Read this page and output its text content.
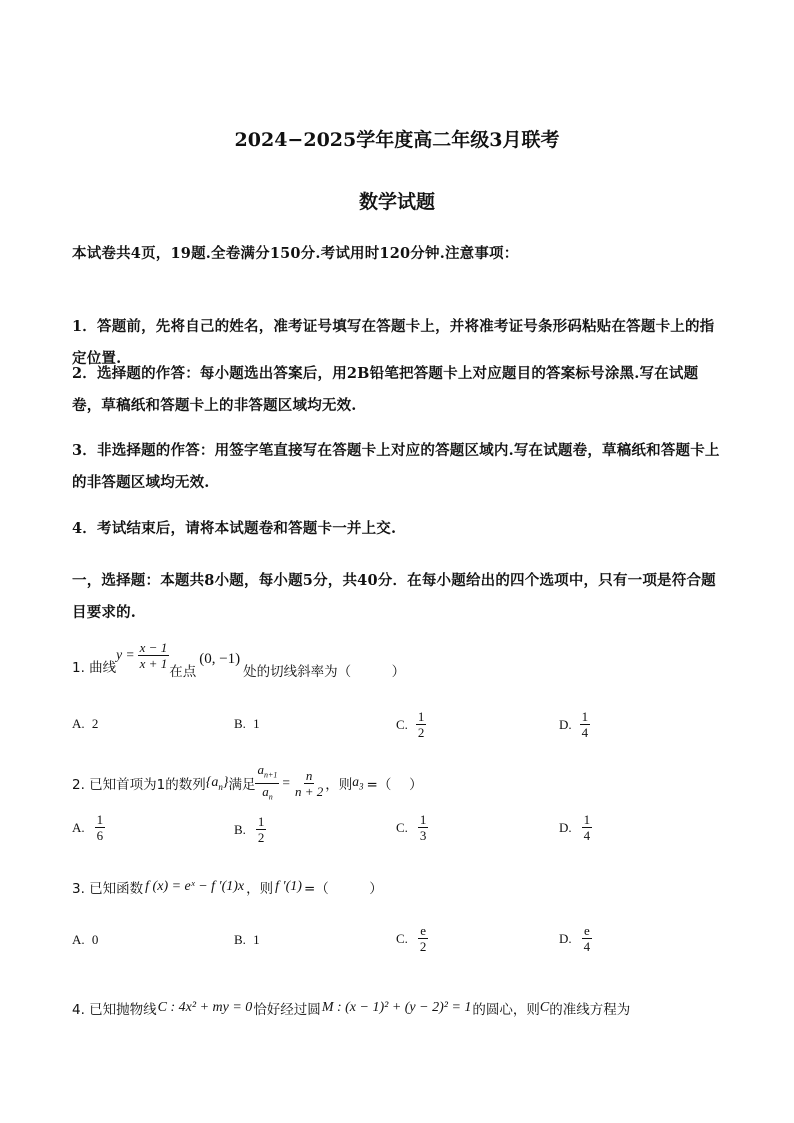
2024−2025学年度高二年级3月联考
数学试题
本试卷共4页，19题.全卷满分150分.考试用时120分钟.注意事项：
1．答题前，先将自己的姓名，准考证号填写在答题卡上，并将准考证号条形码粘贴在答题卡上的指定位置.
2．选择题的作答：每小题选出答案后，用2B铅笔把答题卡上对应题目的答案标号涂黑.写在试题卷，草稿纸和答题卡上的非答题区域均无效.
3．非选择题的作答：用签字笔直接写在答题卡上对应的答题区域内.写在试题卷，草稿纸和答题卡上的非答题区域均无效.
4．考试结束后，请将本试题卷和答题卡一并上交.
一，选择题：本题共8小题，每小题5分，共40分．在每小题给出的四个选项中，只有一项是符合题目要求的.
1. 曲线
$y = \frac{x - 1}{x + 1}$
在点
(0, −1)
处的切线斜率为（　　　）
A. 2	B. 1	C. $\frac{1}{2}$	D. $\frac{1}{4}$
2. 已知首项为1的数列 $\{a_n\}$ 满足 $\frac{a_{n+1}}{a_n} = \frac{n}{n + 2}$ ，则 $a_3$ =（　 ）
A. $\frac{1}{6}$	B. $\frac{1}{2}$	C. $\frac{1}{3}$	D. $\frac{1}{4}$
3. 已知函数 f (x) = eˣ − f ′(1)x ，则 f ′(1) =（　　　）
A. 0	B. 1	C. $\frac{e}{2}$	D. $\frac{e}{4}$
4. 已知抛物线 C : 4x² + my = 0 恰好经过圆 M : (x − 1)² + (y − 2)² = 1 的圆心，则 C 的准线方程为
